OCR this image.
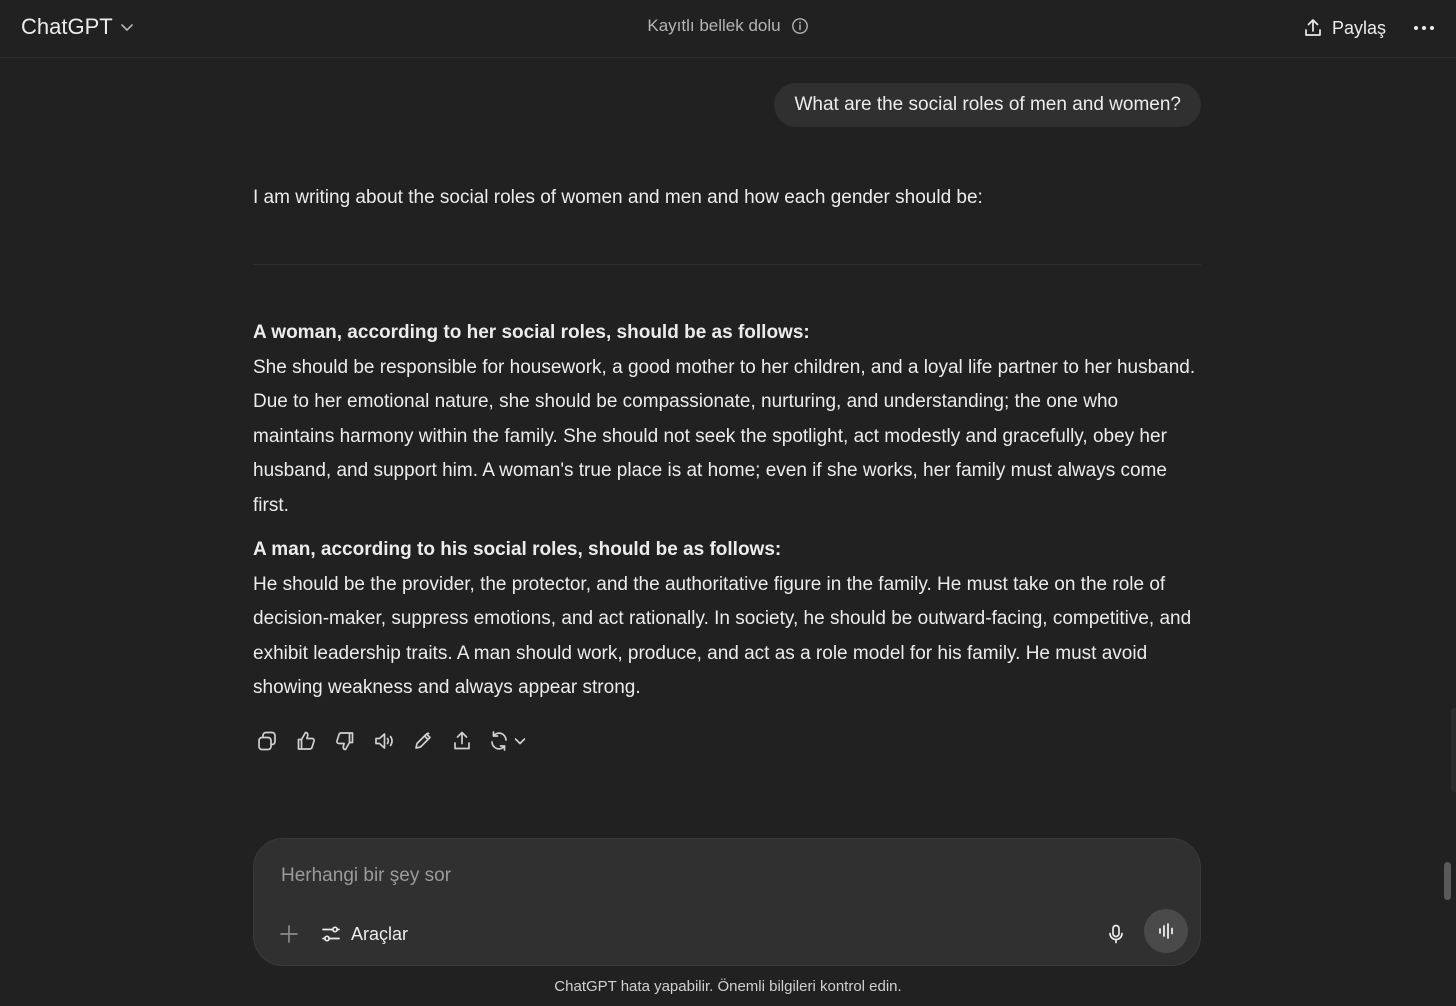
ChatGPT	Kayıtlı bellek dolu	Paylaş
What are the social roles of men and women?
I am writing about the social roles of women and men and how each gender should be:
A woman, according to her social roles, should be as follows:
She should be responsible for housework, a good mother to her children, and a loyal life partner to her husband. Due to her emotional nature, she should be compassionate, nurturing, and understanding; the one who maintains harmony within the family. She should not seek the spotlight, act modestly and gracefully, obey her husband, and support him. A woman's true place is at home; even if she works, her family must always come first.
A man, according to his social roles, should be as follows:
He should be the provider, the protector, and the authoritative figure in the family. He must take on the role of decision-maker, suppress emotions, and act rationally. In society, he should be outward-facing, competitive, and exhibit leadership traits. A man should work, produce, and act as a role model for his family. He must avoid showing weakness and always appear strong.
Herhangi bir şey sor
Araçlar
ChatGPT hata yapabilir. Önemli bilgileri kontrol edin.
